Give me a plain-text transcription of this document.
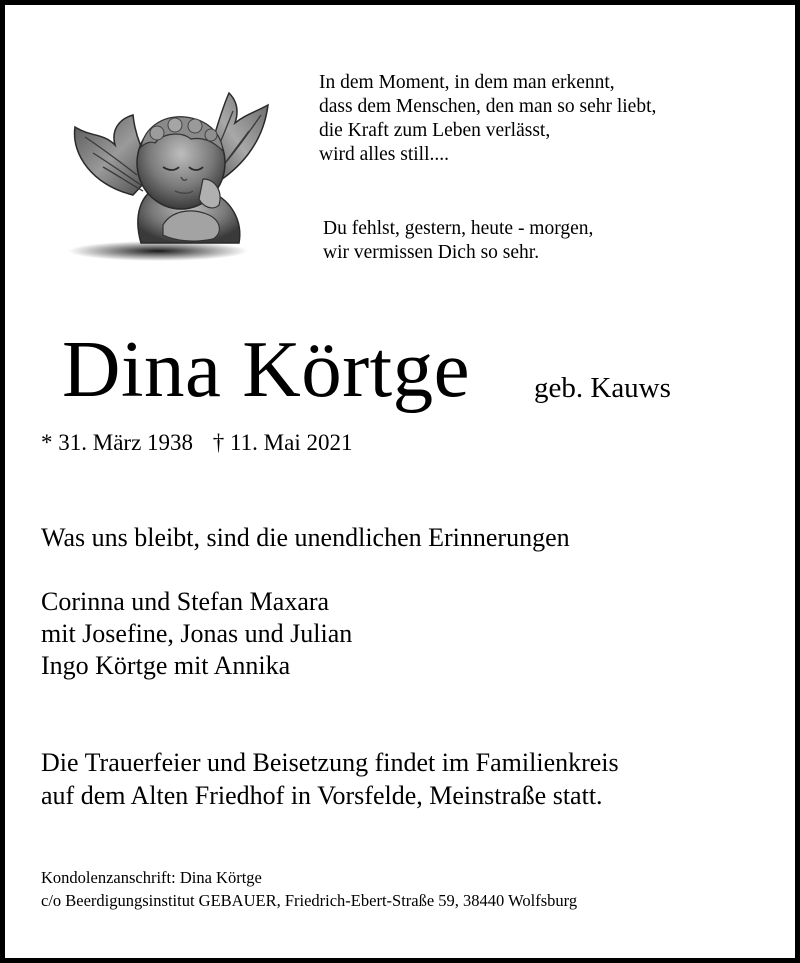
In dem Moment, in dem man erkennt,
dass dem Menschen, den man so sehr liebt,
die Kraft zum Leben verlässt,
wird alles still....
Du fehlst, gestern, heute - morgen,
wir vermissen Dich so sehr.
Dina Körtge geb. Kauws
* 31. März 1938 † 11. Mai 2021
Was uns bleibt, sind die unendlichen Erinnerungen
Corinna und Stefan Maxara
mit Josefine, Jonas und Julian
Ingo Körtge mit Annika
Die Trauerfeier und Beisetzung findet im Familienkreis
auf dem Alten Friedhof in Vorsfelde, Meinstraße statt.
Kondolenzanschrift: Dina Körtge
c/o Beerdigungsinstitut GEBAUER, Friedrich-Ebert-Straße 59, 38440 Wolfsburg
